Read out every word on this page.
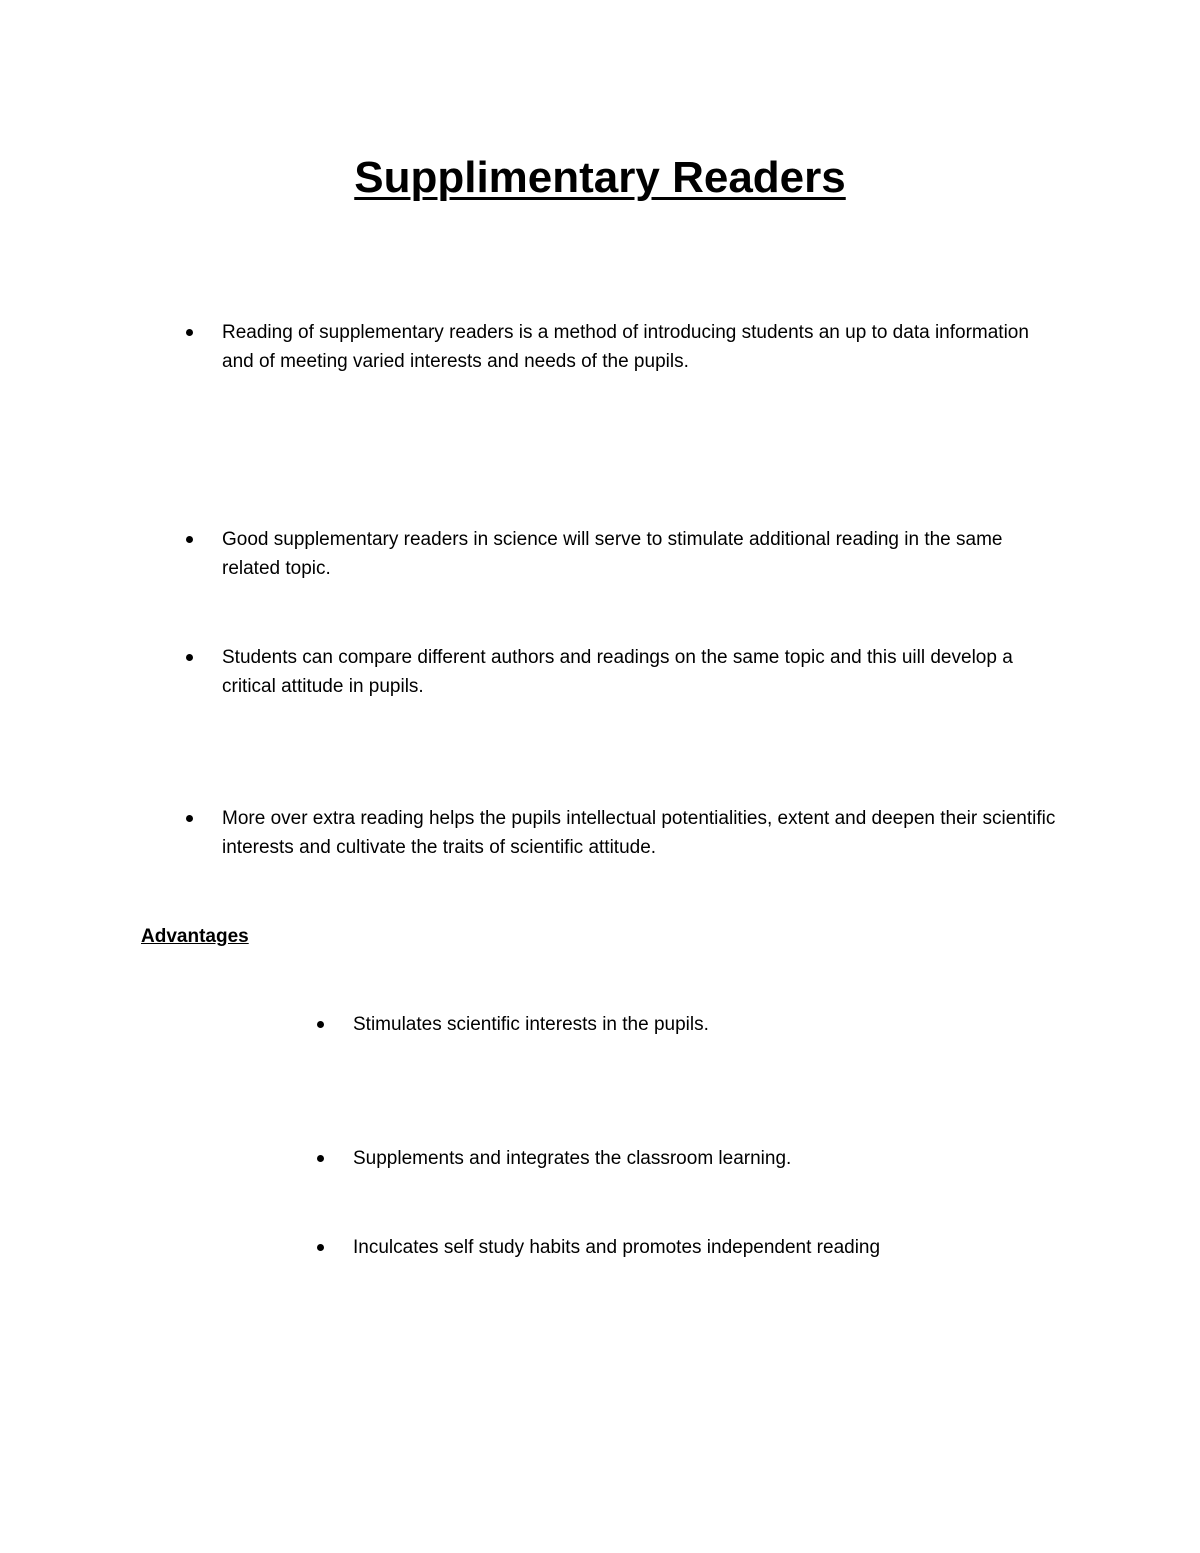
Supplimentary Readers
Reading of supplementary readers is a method of introducing students an up to data information and of meeting varied interests and needs of the pupils.
Good supplementary readers in science will serve to stimulate additional reading in the same related topic.
Students can compare different authors and readings on the same topic and this uill develop a critical attitude in pupils.
More over extra reading helps the pupils intellectual potentialities, extent and deepen their scientific interests and cultivate the traits of scientific attitude.
Advantages
Stimulates scientific interests in the pupils.
Supplements and integrates the classroom learning.
Inculcates self study habits and promotes independent reading
